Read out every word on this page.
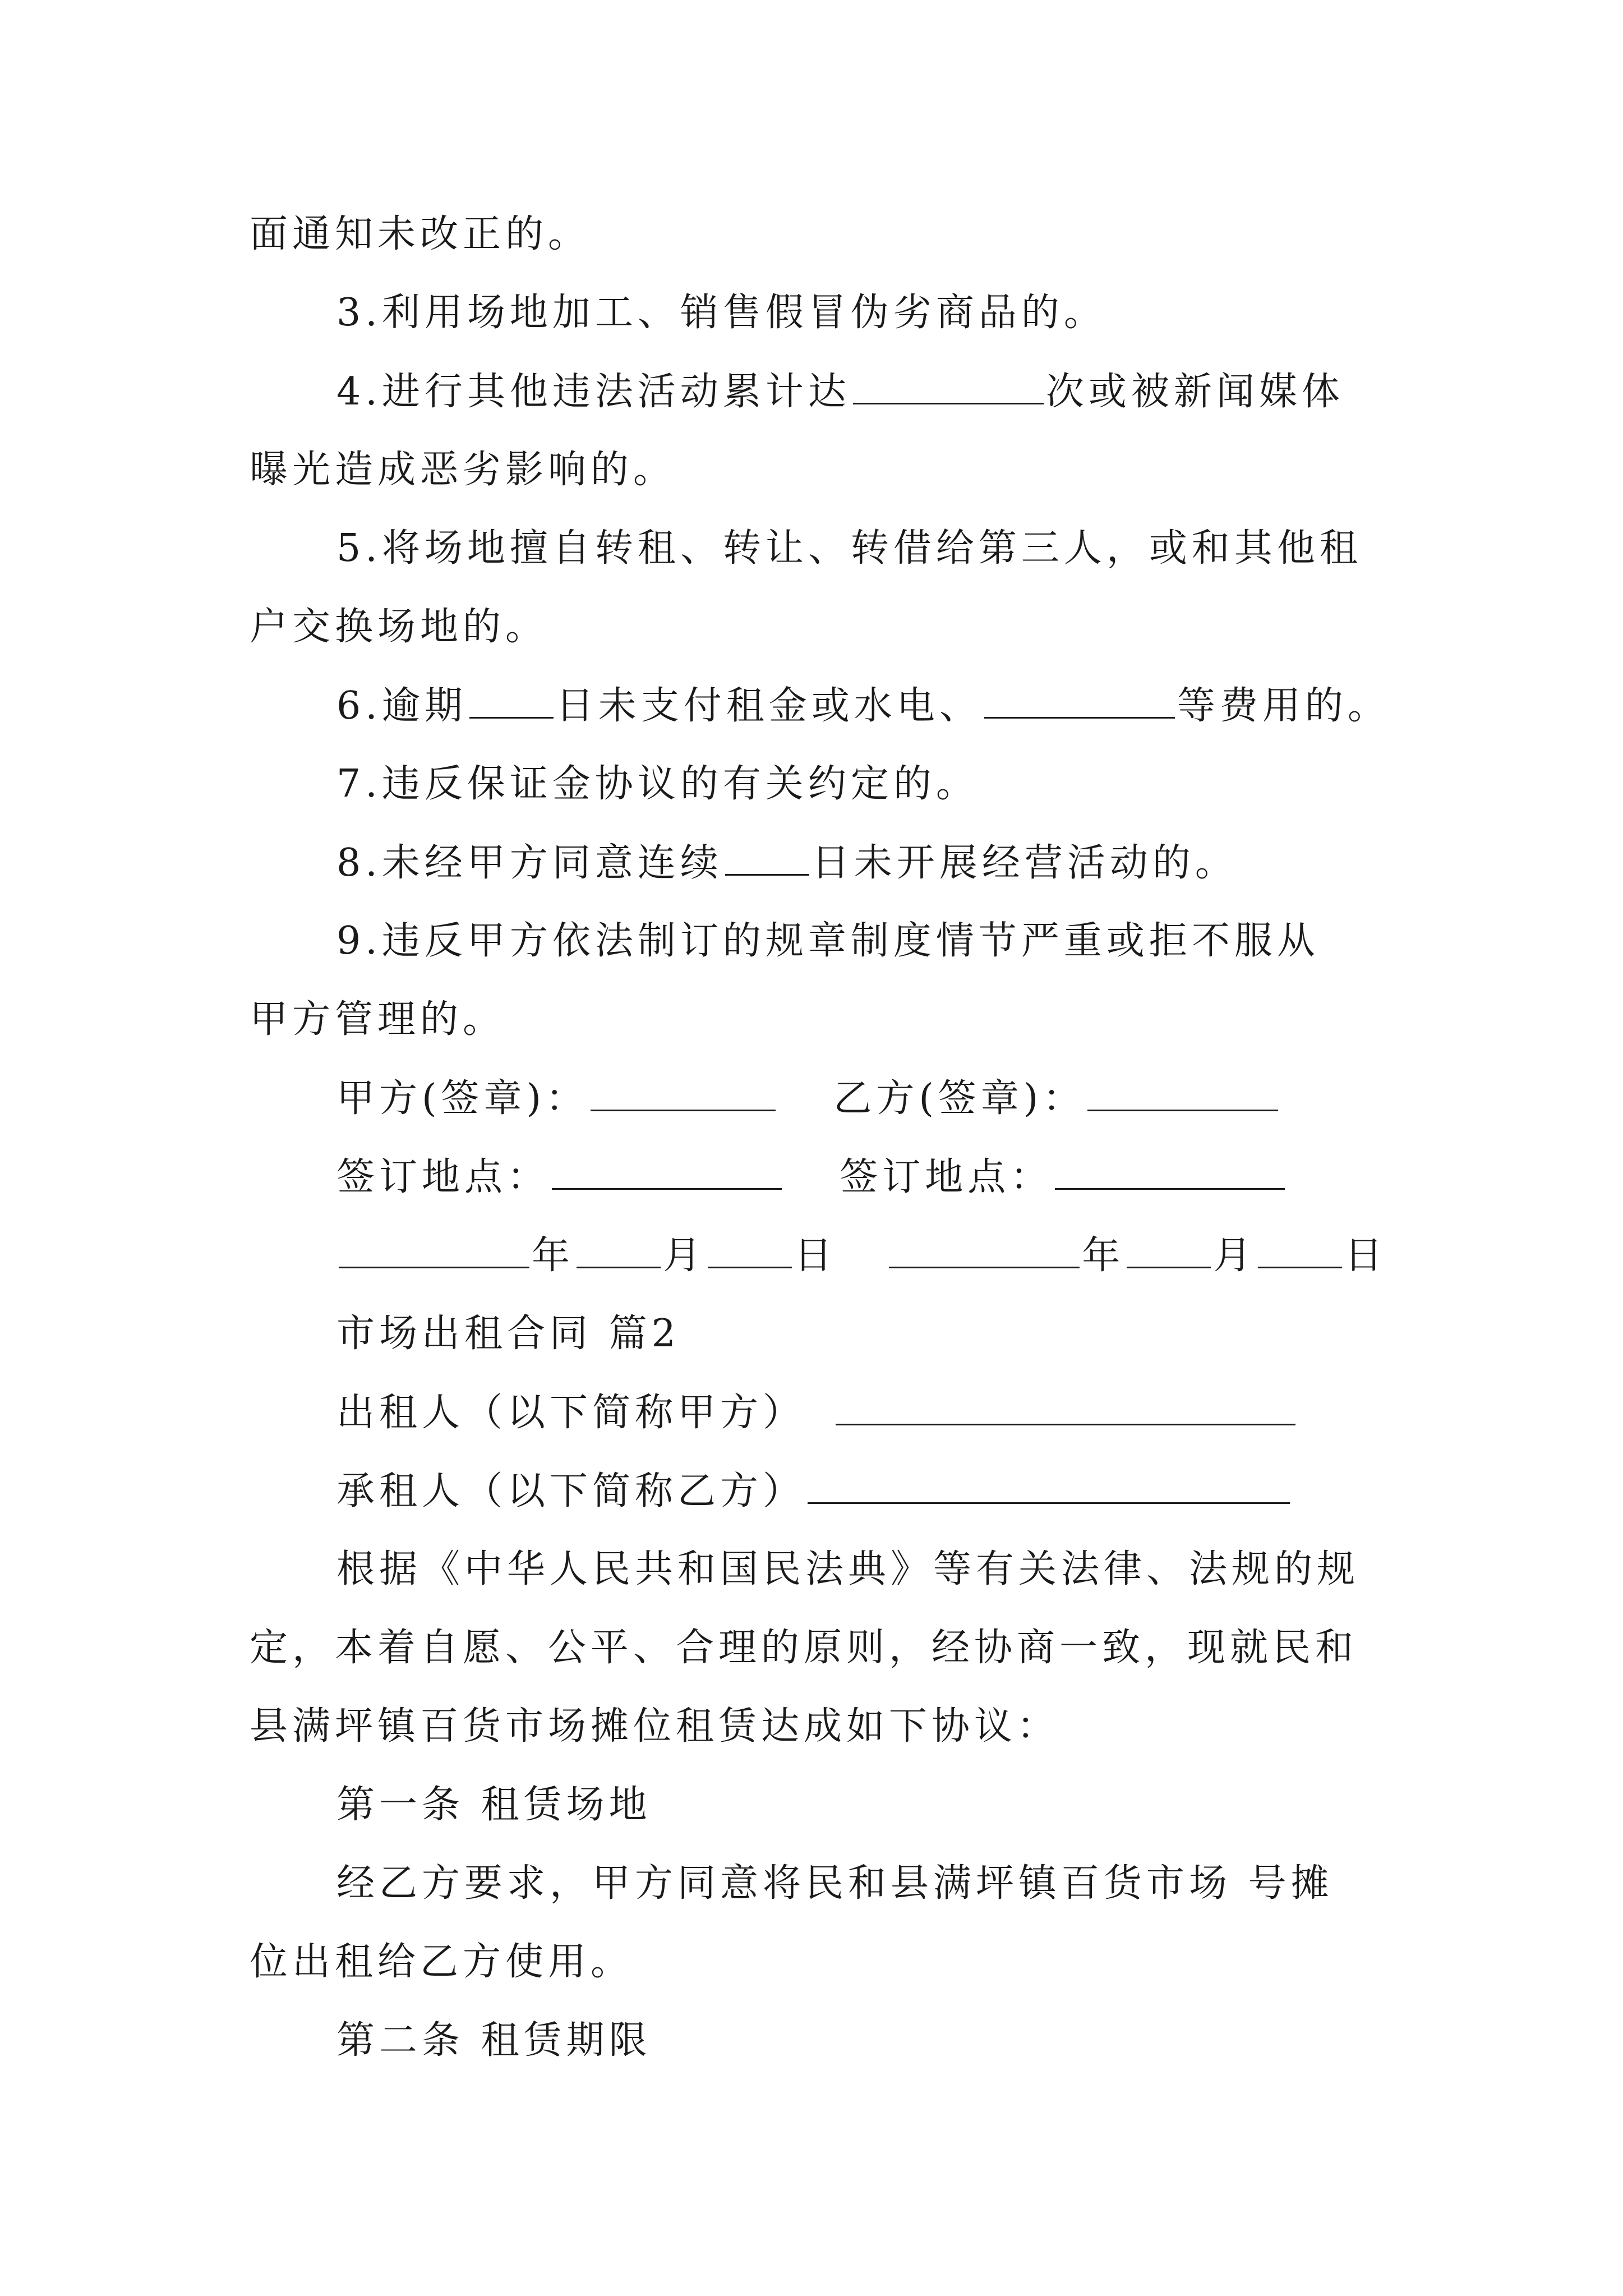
面通知未改正的。
3.利用场地加工、销售假冒伪劣商品的。
4.进行其他违法活动累计达	次或被新闻媒体
曝光造成恶劣影响的。
5.将场地擅自转租、转让、转借给第三人，或和其他租
户交换场地的。
6.逾期 日未支付租金或水电、	等费用的。
7.违反保证金协议的有关约定的。
8.未经甲方同意连续 日未开展经营活动的。
9.违反甲方依法制订的规章制度情节严重或拒不服从
甲方管理的。
甲方(签章)：	乙方(签章)：
签订地点：	签订地点：
年 月 日	年 月 日
市场出租合同 篇2
出租人（以下简称甲方）
承租人（以下简称乙方）
根据《中华人民共和国民法典》等有关法律、法规的规
定，本着自愿、公平、合理的原则，经协商一致，现就民和
县满坪镇百货市场摊位租赁达成如下协议：
第一条 租赁场地
经乙方要求，甲方同意将民和县满坪镇百货市场 号摊
位出租给乙方使用。
第二条 租赁期限
